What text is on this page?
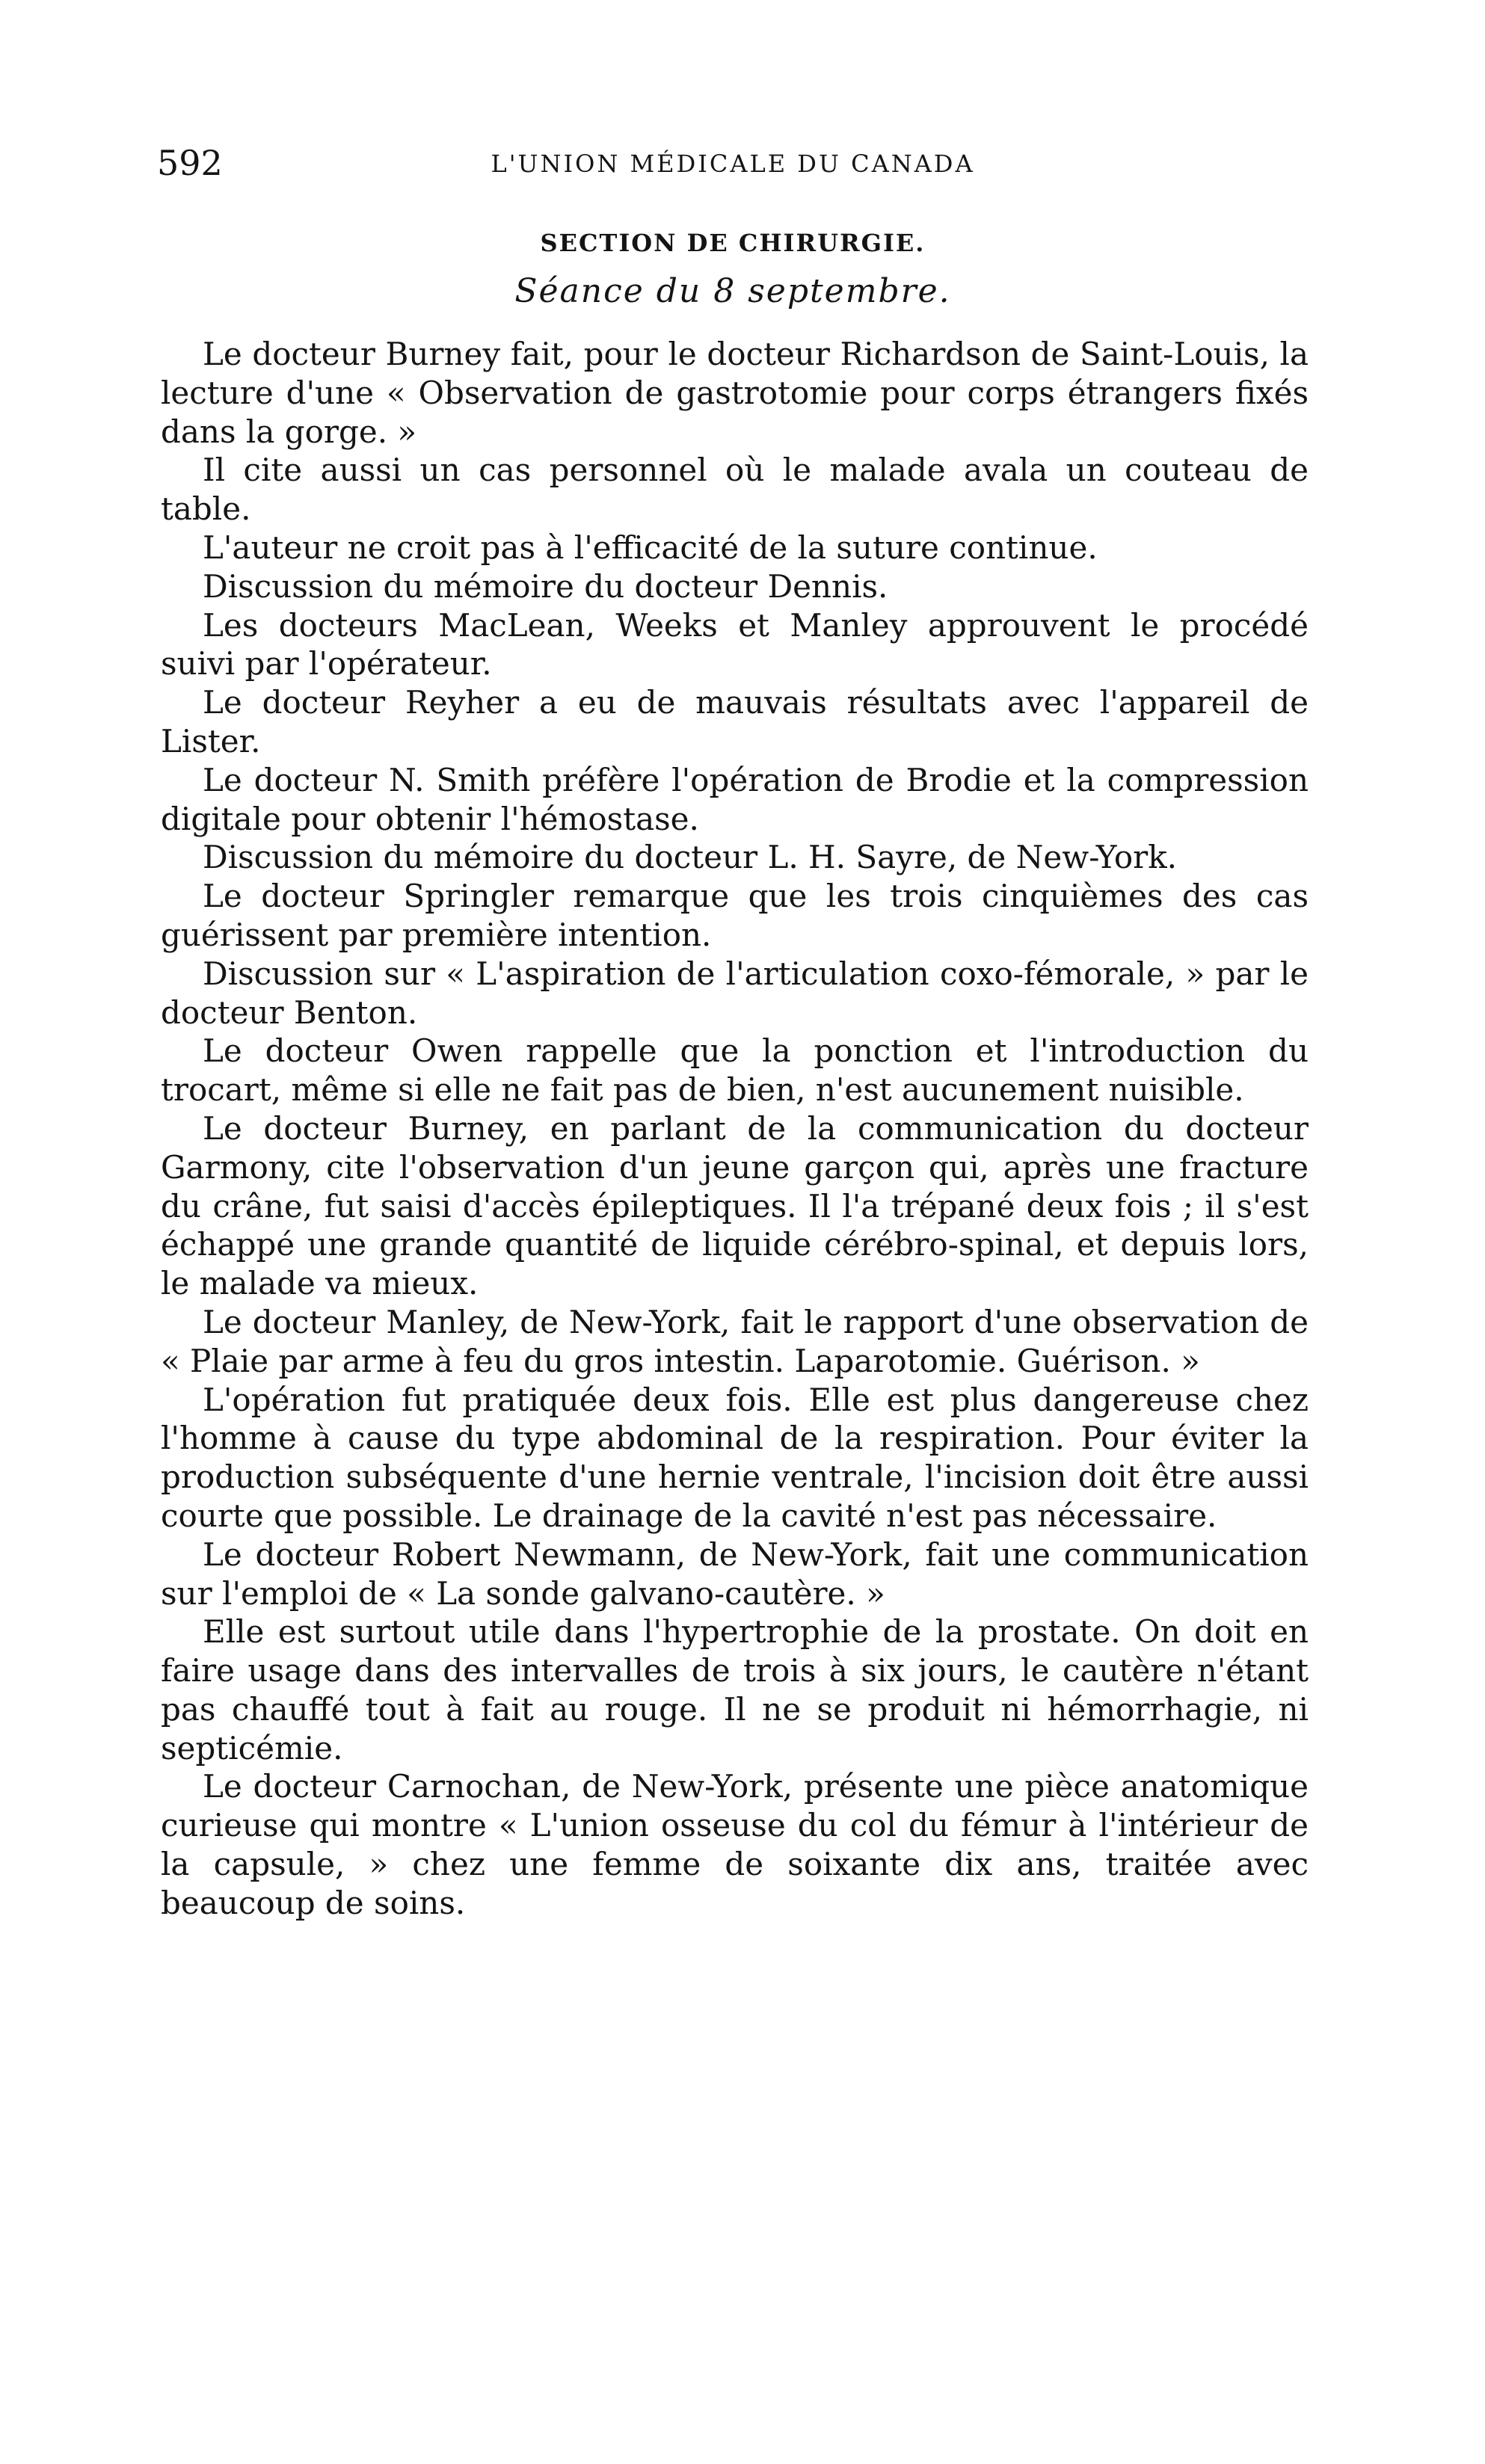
592	L'UNION MÉDICALE DU CANADA
SECTION DE CHIRURGIE.
Séance du 8 septembre.

Le docteur Burney fait, pour le docteur Richardson de Saint-Louis, la lecture d'une « Observation de gastrotomie pour corps étrangers fixés dans la gorge. »

Il cite aussi un cas personnel où le malade avala un couteau de table.

L'auteur ne croit pas à l'efficacité de la suture continue.

Discussion du mémoire du docteur Dennis.

Les docteurs MacLean, Weeks et Manley approuvent le procédé suivi par l'opérateur.

Le docteur Reyher a eu de mauvais résultats avec l'appareil de Lister.

Le docteur N. Smith préfère l'opération de Brodie et la compression digitale pour obtenir l'hémostase.

Discussion du mémoire du docteur L. H. Sayre, de New-York.

Le docteur Springler remarque que les trois cinquièmes des cas guérissent par première intention.

Discussion sur « L'aspiration de l'articulation coxo-fémorale, » par le docteur Benton.

Le docteur Owen rappelle que la ponction et l'introduction du trocart, même si elle ne fait pas de bien, n'est aucunement nuisible.

Le docteur Burney, en parlant de la communication du docteur Garmony, cite l'observation d'un jeune garçon qui, après une fracture du crâne, fut saisi d'accès épileptiques. Il l'a trépané deux fois ; il s'est échappé une grande quantité de liquide cérébro-spinal, et depuis lors, le malade va mieux.

Le docteur Manley, de New-York, fait le rapport d'une observation de « Plaie par arme à feu du gros intestin. Laparotomie. Guérison. »

L'opération fut pratiquée deux fois. Elle est plus dangereuse chez l'homme à cause du type abdominal de la respiration. Pour éviter la production subséquente d'une hernie ventrale, l'incision doit être aussi courte que possible. Le drainage de la cavité n'est pas nécessaire.

Le docteur Robert Newmann, de New-York, fait une communication sur l'emploi de « La sonde galvano-cautère. »

Elle est surtout utile dans l'hypertrophie de la prostate. On doit en faire usage dans des intervalles de trois à six jours, le cautère n'étant pas chauffé tout à fait au rouge. Il ne se produit ni hémorrhagie, ni septicémie.

Le docteur Carnochan, de New-York, présente une pièce anatomique curieuse qui montre « L'union osseuse du col du fémur à l'intérieur de la capsule, » chez une femme de soixante dix ans, traitée avec beaucoup de soins.
